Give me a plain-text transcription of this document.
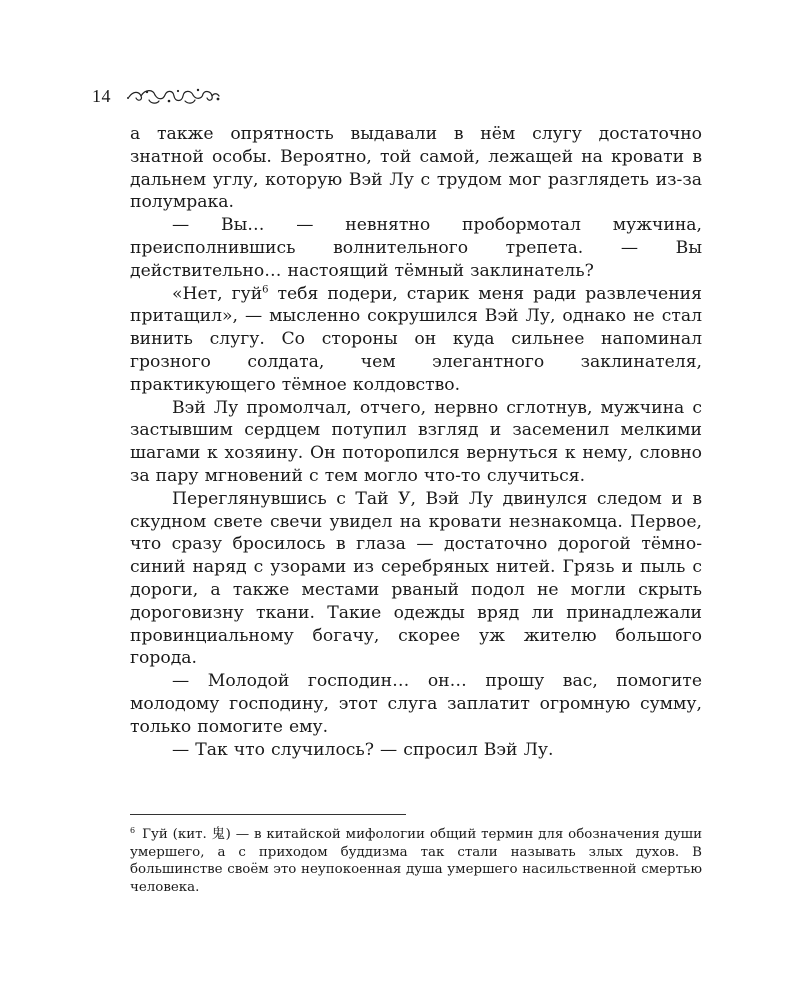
14

а также опрятность выдавали в нём слугу достаточно знатной особы. Вероятно, той самой, лежащей на кровати в дальнем углу, которую Вэй Лу с трудом мог разглядеть из-за полумрака.

— Вы… — невнятно пробормотал мужчина, преисполнившись волнительного трепета. — Вы действительно… настоящий тёмный заклинатель?

«Нет, гуй$^6$ тебя подери, старик меня ради развлечения притащил», — мысленно сокрушился Вэй Лу, однако не стал винить слугу. Со стороны он куда сильнее напоминал грозного солдата, чем элегантного заклинателя, практикующего тёмное колдовство.

Вэй Лу промолчал, отчего, нервно сглотнув, мужчина с застывшим сердцем потупил взгляд и засеменил мелкими шагами к хозяину. Он поторопился вернуться к нему, словно за пару мгновений с тем могло что-то случиться.

Переглянувшись с Тай У, Вэй Лу двинулся следом и в скудном свете свечи увидел на кровати незнакомца. Первое, что сразу бросилось в глаза — достаточно дорогой тёмно-синий наряд с узорами из серебряных нитей. Грязь и пыль с дороги, а также местами рваный подол не могли скрыть дороговизну ткани. Такие одежды вряд ли принадлежали провинциальному богачу, скорее уж жителю большого города.

— Молодой господин… он… прошу вас, помогите молодому господину, этот слуга заплатит огромную сумму, только помогите ему.

— Так что случилось? — спросил Вэй Лу.

$^6$ Гуй (кит. 鬼) — в китайской мифологии общий термин для обозначения души умершего, а с приходом буддизма так стали называть злых духов. В большинстве своём это неупокоенная душа умершего насильственной смертью человека.
